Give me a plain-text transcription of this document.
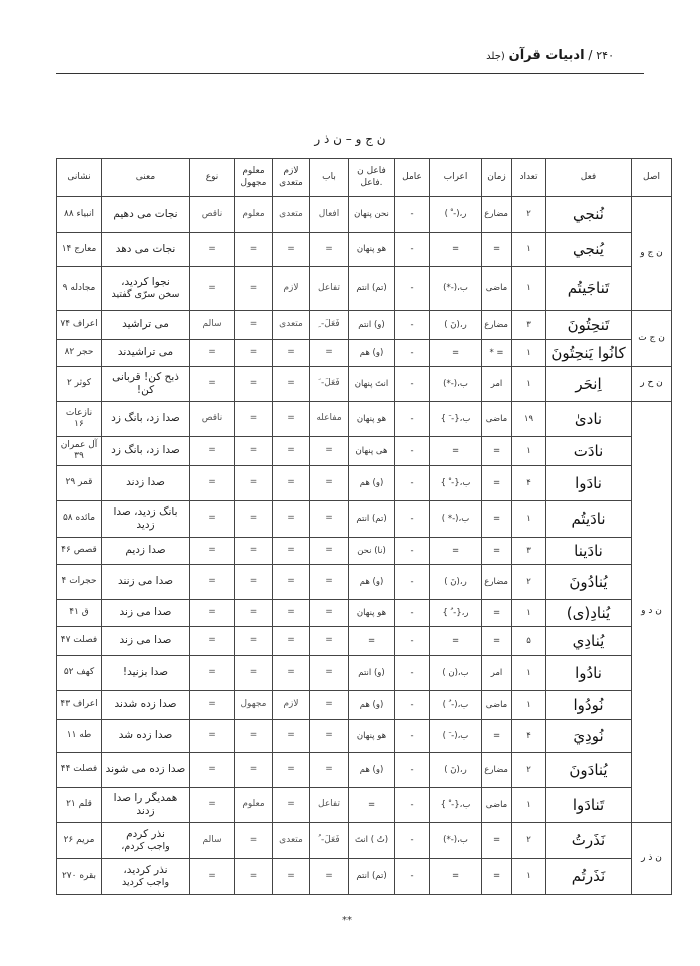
۲۴۰ / ادبیات قرآن (جلد
ن ج و – ن ذ ر
اصل	فعل	تعداد	زمان	اعراب	عامل	فاعل ن .فاعل	باب	لازم متعدی	معلوم مجهول	نوع	معنی	نشانی
ن ج و	نُنجي	۲	مضارع	ر،(- ْ )	-	نحن پنهان	افعال	متعدی	معلوم	ناقص	نجات می دهیم	انبیاء ۸۸
	يُنجي	۱	=	=	-	هو پنهان	=	=	=	=	نجات می دهد	معارج ۱۴
	تَناجَيتُم	۱	ماضی	ب،(-*)	-	(تم) انتم	تفاعل	لازم	=	=	نجوا کردید،
سخن سرّی گفتید	مجادله ۹
ن ج ت	تَنحِتُونَ	۳	مضارع	ر،(نَ )	-	(و) انتم	فَعَلَ- ِ	متعدی	=	سالم	می تراشید	اعراف ۷۴
	كانُوا يَنحِتُونَ	۱	= *	=	-	(و) هم	=	=	=	=	می تراشیدند	حجر ۸۲
ن ح ر	اِنحَر	۱	امر	ب،(-*)	-	انتَ پنهان	فَعَلَ- َ	=	=	=	ذبح کن! قربانی کن!	کوثر ۲
ن د و	نادىٰ	۱۹	ماضی	ب،{- َ }	-	هو پنهان	مفاعله	=	=	ناقص	صدا زد، بانگ زد	نازعات ۱۶
	نادَت	۱	=	=	-	هی پنهان	=	=	=	=	صدا زد، بانگ زد	آل عمران ۳۹
	نادَوا	۴	=	ب،{- ْ }	-	(و) هم	=	=	=	=	صدا زدند	قمر ۲۹
	نادَيتُم	۱	=	ب،(-* )	-	(تم) انتم	=	=	=	=	بانگ زدید، صدا زدید	مائده ۵۸
	نادَينا	۳	=	=	-	(نا) نحن	=	=	=	=	صدا زدیم	قصص ۴۶
	يُنادُونَ	۲	مضارع	ر،(نَ )	-	(و) هم	=	=	=	=	صدا می زنند	حجرات ۴
	يُنادِ(ی)	۱	=	ر،{- ُ }	-	هو پنهان	=	=	=	=	صدا می زند	ق ۴۱
	يُنادِي	۵	=	=	-	=	=	=	=	=	صدا می زند	فصلت ۴۷
	نادُوا	۱	امر	ب،(ن )	-	(و) انتم	=	=	=	=	صدا بزنید!	کهف ۵۲
	نُودُوا	۱	ماضی	ب،(- ُ )	-	(و) هم	=	لازم	مجهول	=	صدا زده شدند	اعراف ۴۳
	نُودِيَ	۴	=	ب،(- َ )	-	هو پنهان	=	=	=	=	صدا زده شد	طه ۱۱
	يُنادَونَ	۲	مضارع	ر،(نَ )	-	(و) هم	=	=	=	=	صدا زده می شوند	فصلت ۴۴
	تَنادَوا	۱	ماضی	ب،{- ْ }	-	=	تفاعل	=	معلوم	=	همدیگر را صدا زدند	قلم ۲۱
ن ذ ر	نَذَرتُ	۲	=	ب،(-*)	-	(تُ ) انتَ	فَعَلَ- ُ	متعدی	=	سالم	نذر کردم
واجب کردم،	مریم ۲۶
	نَذَرتُم	۱	=	=	-	(تم) انتم	=	=	=	=	نذر کردید،
واجب کردید	بقره ۲۷۰
**
